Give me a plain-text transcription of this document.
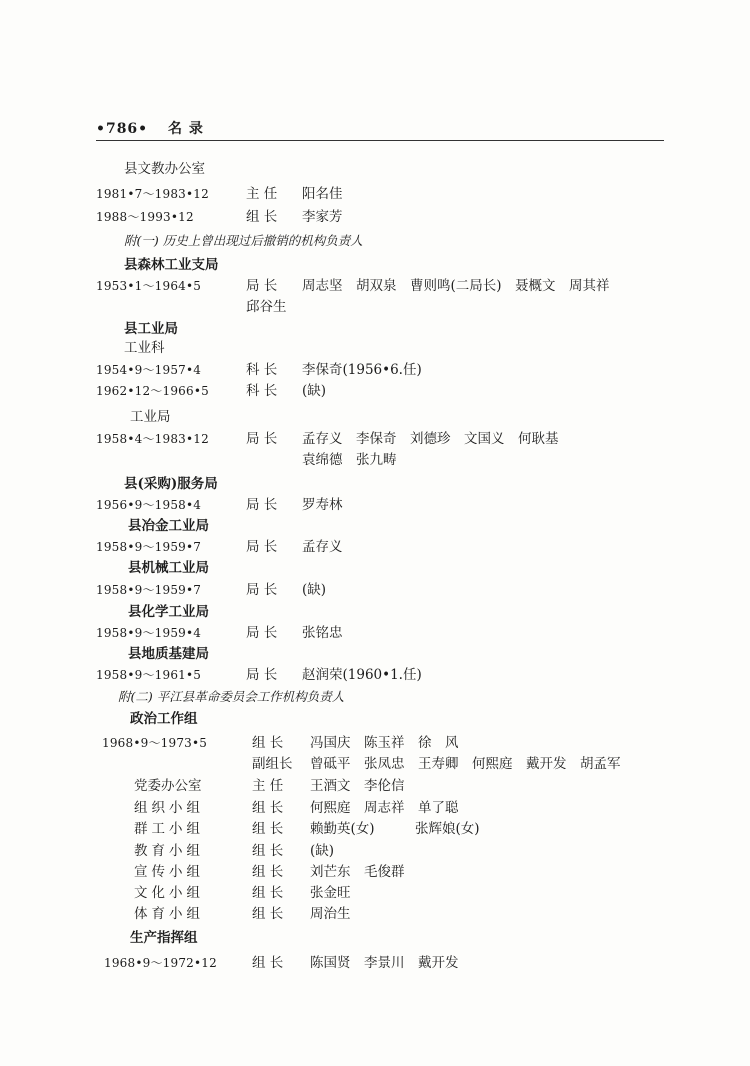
•786• 名 录
县文教办公室
1981•7～1983•12	主 任 阳名佳
1988～1993•12	组 长 李家芳
附(一) 历史上曾出现过后撤销的机构负责人
县森林工业支局
1953•1～1964•5	局 长 周志坚　胡双泉　曹则鸣(二局长)　聂概文　周其祥
邱谷生
县工业局
工业科
1954•9～1957•4	科 长 李保奇(1956•6.任)
1962•12～1966•5	科 长 (缺)
工业局
1958•4～1983•12	局 长 孟存义　李保奇　刘德珍　文国义　何耿基
袁绵德　张九畴
县(采购)服务局
1956•9～1958•4	局 长 罗寿林
县冶金工业局
1958•9～1959•7	局 长 孟存义
县机械工业局
1958•9～1959•7	局 长 (缺)
县化学工业局
1958•9～1959•4	局 长 张铭忠
县地质基建局
1958•9～1961•5	局 长 赵润荣(1960•1.任)
附(二) 平江县革命委员会工作机构负责人
政治工作组
1968•9～1973•5	组 长 冯国庆　陈玉祥　徐　风
副组长 曾砥平　张凤忠　王寿卿　何熙庭　戴开发　胡孟军
党委办公室	主 任 王酒文　李伦信
组织小组	组 长 何熙庭　周志祥　单了聪
群工小组	组 长 赖勤英(女)　　　张辉娘(女)
教育小组	组 长 (缺)
宣传小组	组 长 刘芒东　毛俊群
文化小组	组 长 张金旺
体育小组	组 长 周治生
生产指挥组
1968•9～1972•12	组 长 陈国贤　李景川　戴开发
